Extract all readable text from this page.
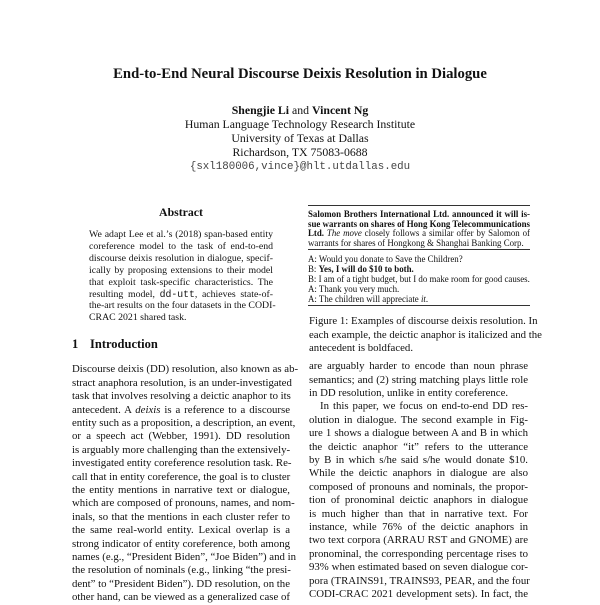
End-to-End Neural Discourse Deixis Resolution in Dialogue
Shengjie Li and Vincent Ng
Human Language Technology Research Institute
University of Texas at Dallas
Richardson, TX 75083-0688
{sxl180006,vince}@hlt.utdallas.edu
Abstract
We adapt Lee et al.’s (2018) span-based entity
coreference model to the task of end-to-end
discourse deixis resolution in dialogue, specif-
ically by proposing extensions to their model
that exploit task-specific characteristics. The
resulting model, dd-utt, achieves state-of-
the-art results on the four datasets in the CODI-
CRAC 2021 shared task.
1 Introduction
Discourse deixis (DD) resolution, also known as ab-
stract anaphora resolution, is an under-investigated
task that involves resolving a deictic anaphor to its
antecedent. A deixis is a reference to a discourse
entity such as a proposition, a description, an event,
or a speech act (Webber, 1991). DD resolution
is arguably more challenging than the extensively-
investigated entity coreference resolution task. Re-
call that in entity coreference, the goal is to cluster
the entity mentions in narrative text or dialogue,
which are composed of pronouns, names, and nom-
inals, so that the mentions in each cluster refer to
the same real-world entity. Lexical overlap is a
strong indicator of entity coreference, both among
names (e.g., “President Biden”, “Joe Biden”) and in
the resolution of nominals (e.g., linking “the presi-
dent” to “President Biden”). DD resolution, on the
other hand, can be viewed as a generalized case of
Salomon Brothers International Ltd. announced it will is-
sue warrants on shares of Hong Kong Telecommunications
Ltd. The move closely follows a similar offer by Salomon of
warrants for shares of Hongkong & Shanghai Banking Corp.
A: Would you donate to Save the Children?
B: Yes, I will do $10 to both.
B: I am of a tight budget, but I do make room for good causes.
A: Thank you very much.
A: The children will appreciate it.
Figure 1: Examples of discourse deixis resolution. In
each example, the deictic anaphor is italicized and the
antecedent is boldfaced.
are arguably harder to encode than noun phrase
semantics; and (2) string matching plays little role
in DD resolution, unlike in entity coreference.
In this paper, we focus on end-to-end DD res-
olution in dialogue. The second example in Fig-
ure 1 shows a dialogue between A and B in which
the deictic anaphor “it” refers to the utterance
by B in which s/he said s/he would donate $10.
While the deictic anaphors in dialogue are also
composed of pronouns and nominals, the propor-
tion of pronominal deictic anaphors in dialogue
is much higher than that in narrative text. For
instance, while 76% of the deictic anaphors in
two text corpora (ARRAU RST and GNOME) are
pronominal, the corresponding percentage rises to
93% when estimated based on seven dialogue cor-
pora (TRAINS91, TRAINS93, PEAR, and the four
CODI-CRAC 2021 development sets). In fact, the
